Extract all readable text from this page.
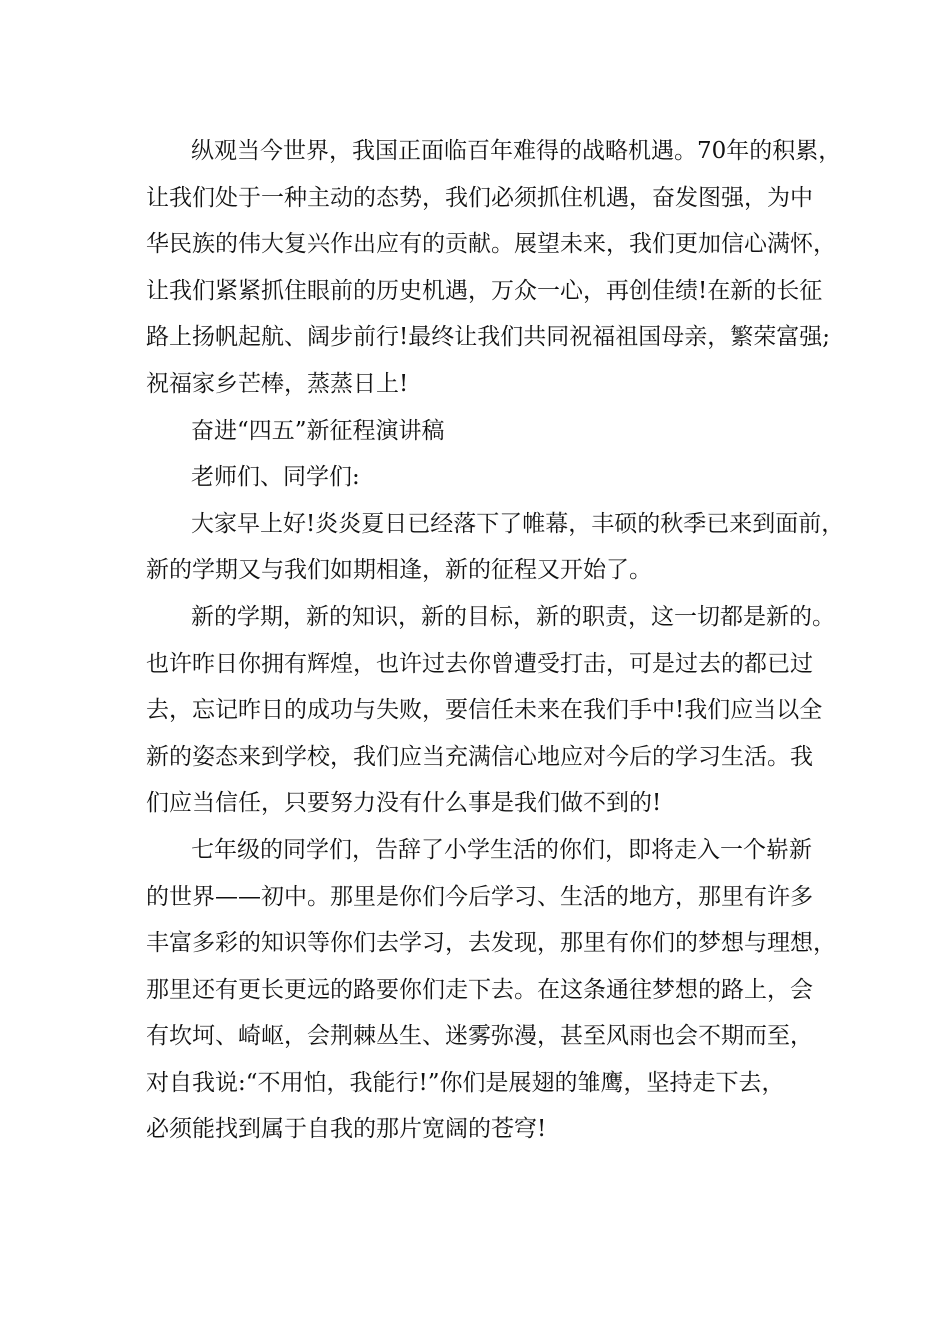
纵观当今世界，我国正面临百年难得的战略机遇。70年的积累，
让我们处于一种主动的态势，我们必须抓住机遇，奋发图强，为中
华民族的伟大复兴作出应有的贡献。展望未来，我们更加信心满怀，
让我们紧紧抓住眼前的历史机遇，万众一心，再创佳绩!在新的长征
路上扬帆起航、阔步前行!最终让我们共同祝福祖国母亲，繁荣富强;
祝福家乡芒棒，蒸蒸日上!
奋进“四五”新征程演讲稿
老师们、同学们:
大家早上好!炎炎夏日已经落下了帷幕，丰硕的秋季已来到面前，
新的学期又与我们如期相逢，新的征程又开始了。
新的学期，新的知识，新的目标，新的职责，这一切都是新的。
也许昨日你拥有辉煌，也许过去你曾遭受打击，可是过去的都已过
去，忘记昨日的成功与失败，要信任未来在我们手中!我们应当以全
新的姿态来到学校，我们应当充满信心地应对今后的学习生活。我
们应当信任，只要努力没有什么事是我们做不到的!
七年级的同学们，告辞了小学生活的你们，即将走入一个崭新
的世界——初中。那里是你们今后学习、生活的地方，那里有许多
丰富多彩的知识等你们去学习，去发现，那里有你们的梦想与理想，
那里还有更长更远的路要你们走下去。在这条通往梦想的路上，会
有坎坷、崎岖，会荆棘丛生、迷雾弥漫，甚至风雨也会不期而至，
对自我说:“不用怕，我能行!”你们是展翅的雏鹰，坚持走下去，
必须能找到属于自我的那片宽阔的苍穹!
